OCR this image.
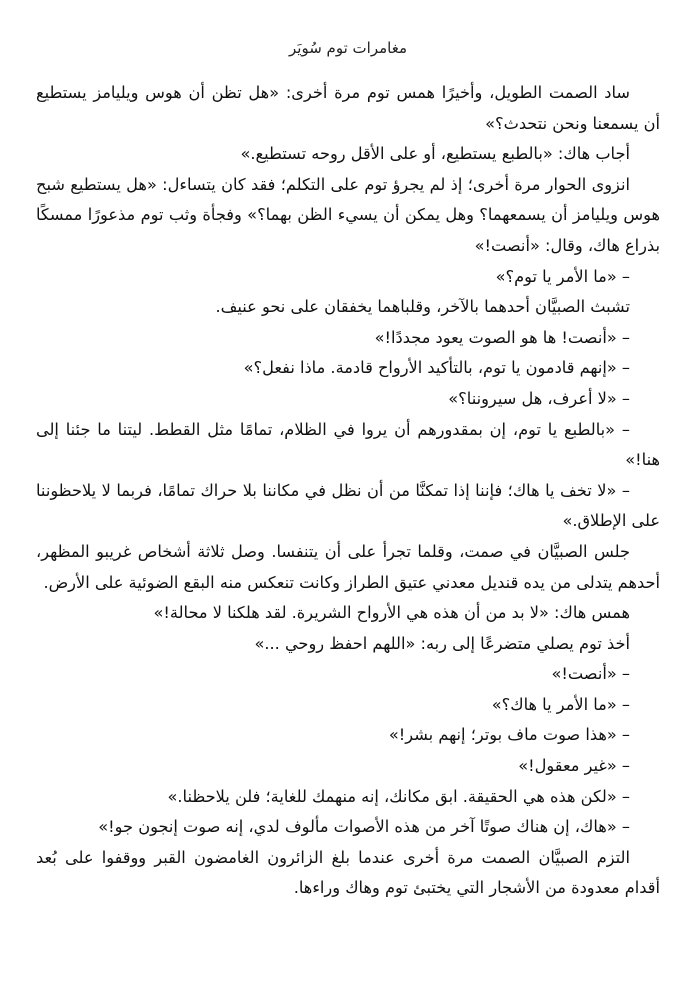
مغامرات توم سُويَر

ساد الصمت الطويل، وأخيرًا همس توم مرة أخرى: «هل تظن أن هوس ويليامز يستطيع أن يسمعنا ونحن نتحدث؟»

أجاب هاك: «بالطبع يستطيع، أو على الأقل روحه تستطيع.»

انزوى الحوار مرة أخرى؛ إذ لم يجرؤ توم على التكلم؛ فقد كان يتساءل: «هل يستطيع شبح هوس ويليامز أن يسمعهما؟ وهل يمكن أن يسيء الظن بهما؟» وفجأة وثب توم مذعورًا ممسكًا بذراع هاك، وقال: «أنصت!»

– «ما الأمر يا توم؟»

تشبث الصبيَّان أحدهما بالآخر، وقلباهما يخفقان على نحو عنيف.

– «أنصت! ها هو الصوت يعود مجددًا!»

– «إنهم قادمون يا توم، بالتأكيد الأرواح قادمة. ماذا نفعل؟»

– «لا أعرف، هل سيروننا؟»

– «بالطبع يا توم، إن بمقدورهم أن يروا في الظلام، تمامًا مثل القطط. ليتنا ما جئنا إلى هنا!»

– «لا تخف يا هاك؛ فإننا إذا تمكنَّا من أن نظل في مكاننا بلا حراك تمامًا، فربما لا يلاحظوننا على الإطلاق.»

جلس الصبيَّان في صمت، وقلما تجرأ على أن يتنفسا. وصل ثلاثة أشخاص غريبو المظهر، أحدهم يتدلى من يده قنديل معدني عتيق الطراز وكانت تنعكس منه البقع الضوئية على الأرض.

همس هاك: «لا بد من أن هذه هي الأرواح الشريرة. لقد هلكنا لا محالة!»

أخذ توم يصلي متضرعًا إلى ربه: «اللهم احفظ روحي ...»

– «أنصت!»

– «ما الأمر يا هاك؟»

– «هذا صوت ماف بوتر؛ إنهم بشر!»

– «غير معقول!»

– «لكن هذه هي الحقيقة. ابق مكانك، إنه منهمك للغاية؛ فلن يلاحظنا.»

– «هاك، إن هناك صوتًا آخر من هذه الأصوات مألوف لدي، إنه صوت إنجون جو!»

التزم الصبيَّان الصمت مرة أخرى عندما بلغ الزائرون الغامضون القبر ووقفوا على بُعد أقدام معدودة من الأشجار التي يختبئ توم وهاك وراءها.
